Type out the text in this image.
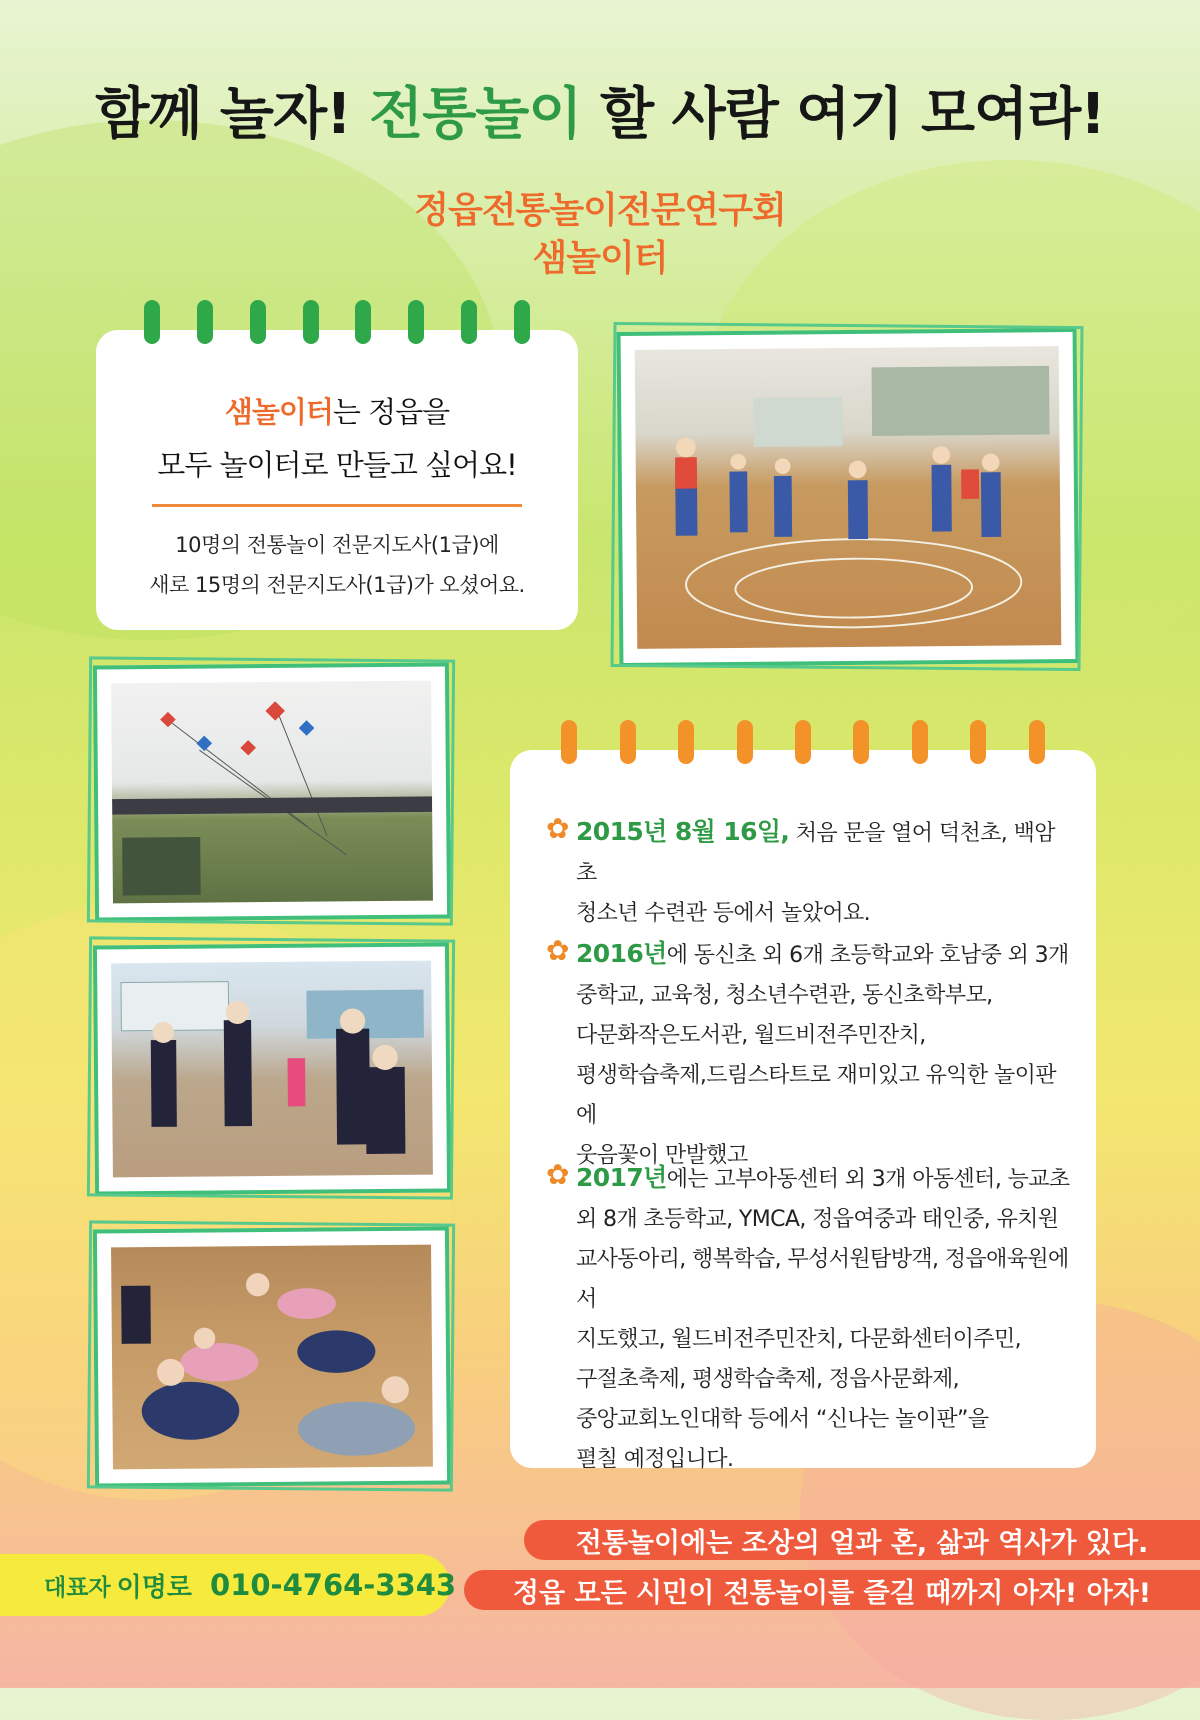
함께 놀자! 전통놀이 할 사람 여기 모여라!
정읍전통놀이전문연구회
샘놀이터
샘놀이터는 정읍을
모두 놀이터로 만들고 싶어요!
10명의 전통놀이 전문지도사(1급)에
새로 15명의 전문지도사(1급)가 오셨어요.
✿ 2015년 8월 16일, 처음 문을 열어 덕천초, 백암초
청소년 수련관 등에서 놀았어요.
✿ 2016년에 동신초 외 6개 초등학교와 호남중 외 3개
중학교, 교육청, 청소년수련관, 동신초학부모,
다문화작은도서관, 월드비전주민잔치,
평생학습축제,드림스타트로 재미있고 유익한 놀이판에
웃음꽃이 만발했고
✿ 2017년에는 고부아동센터 외 3개 아동센터, 능교초
외 8개 초등학교, YMCA, 정읍여중과 태인중, 유치원
교사동아리, 행복학습, 무성서원탐방객, 정읍애육원에서
지도했고, 월드비전주민잔치, 다문화센터이주민,
구절초축제, 평생학습축제, 정읍사문화제,
중앙교회노인대학 등에서 “신나는 놀이판”을
펼칠 예정입니다.
전통놀이에는 조상의 얼과 혼, 삶과 역사가 있다.
정읍 모든 시민이 전통놀이를 즐길 때까지 아자! 아자!
대표자 이명로 010-4764-3343
